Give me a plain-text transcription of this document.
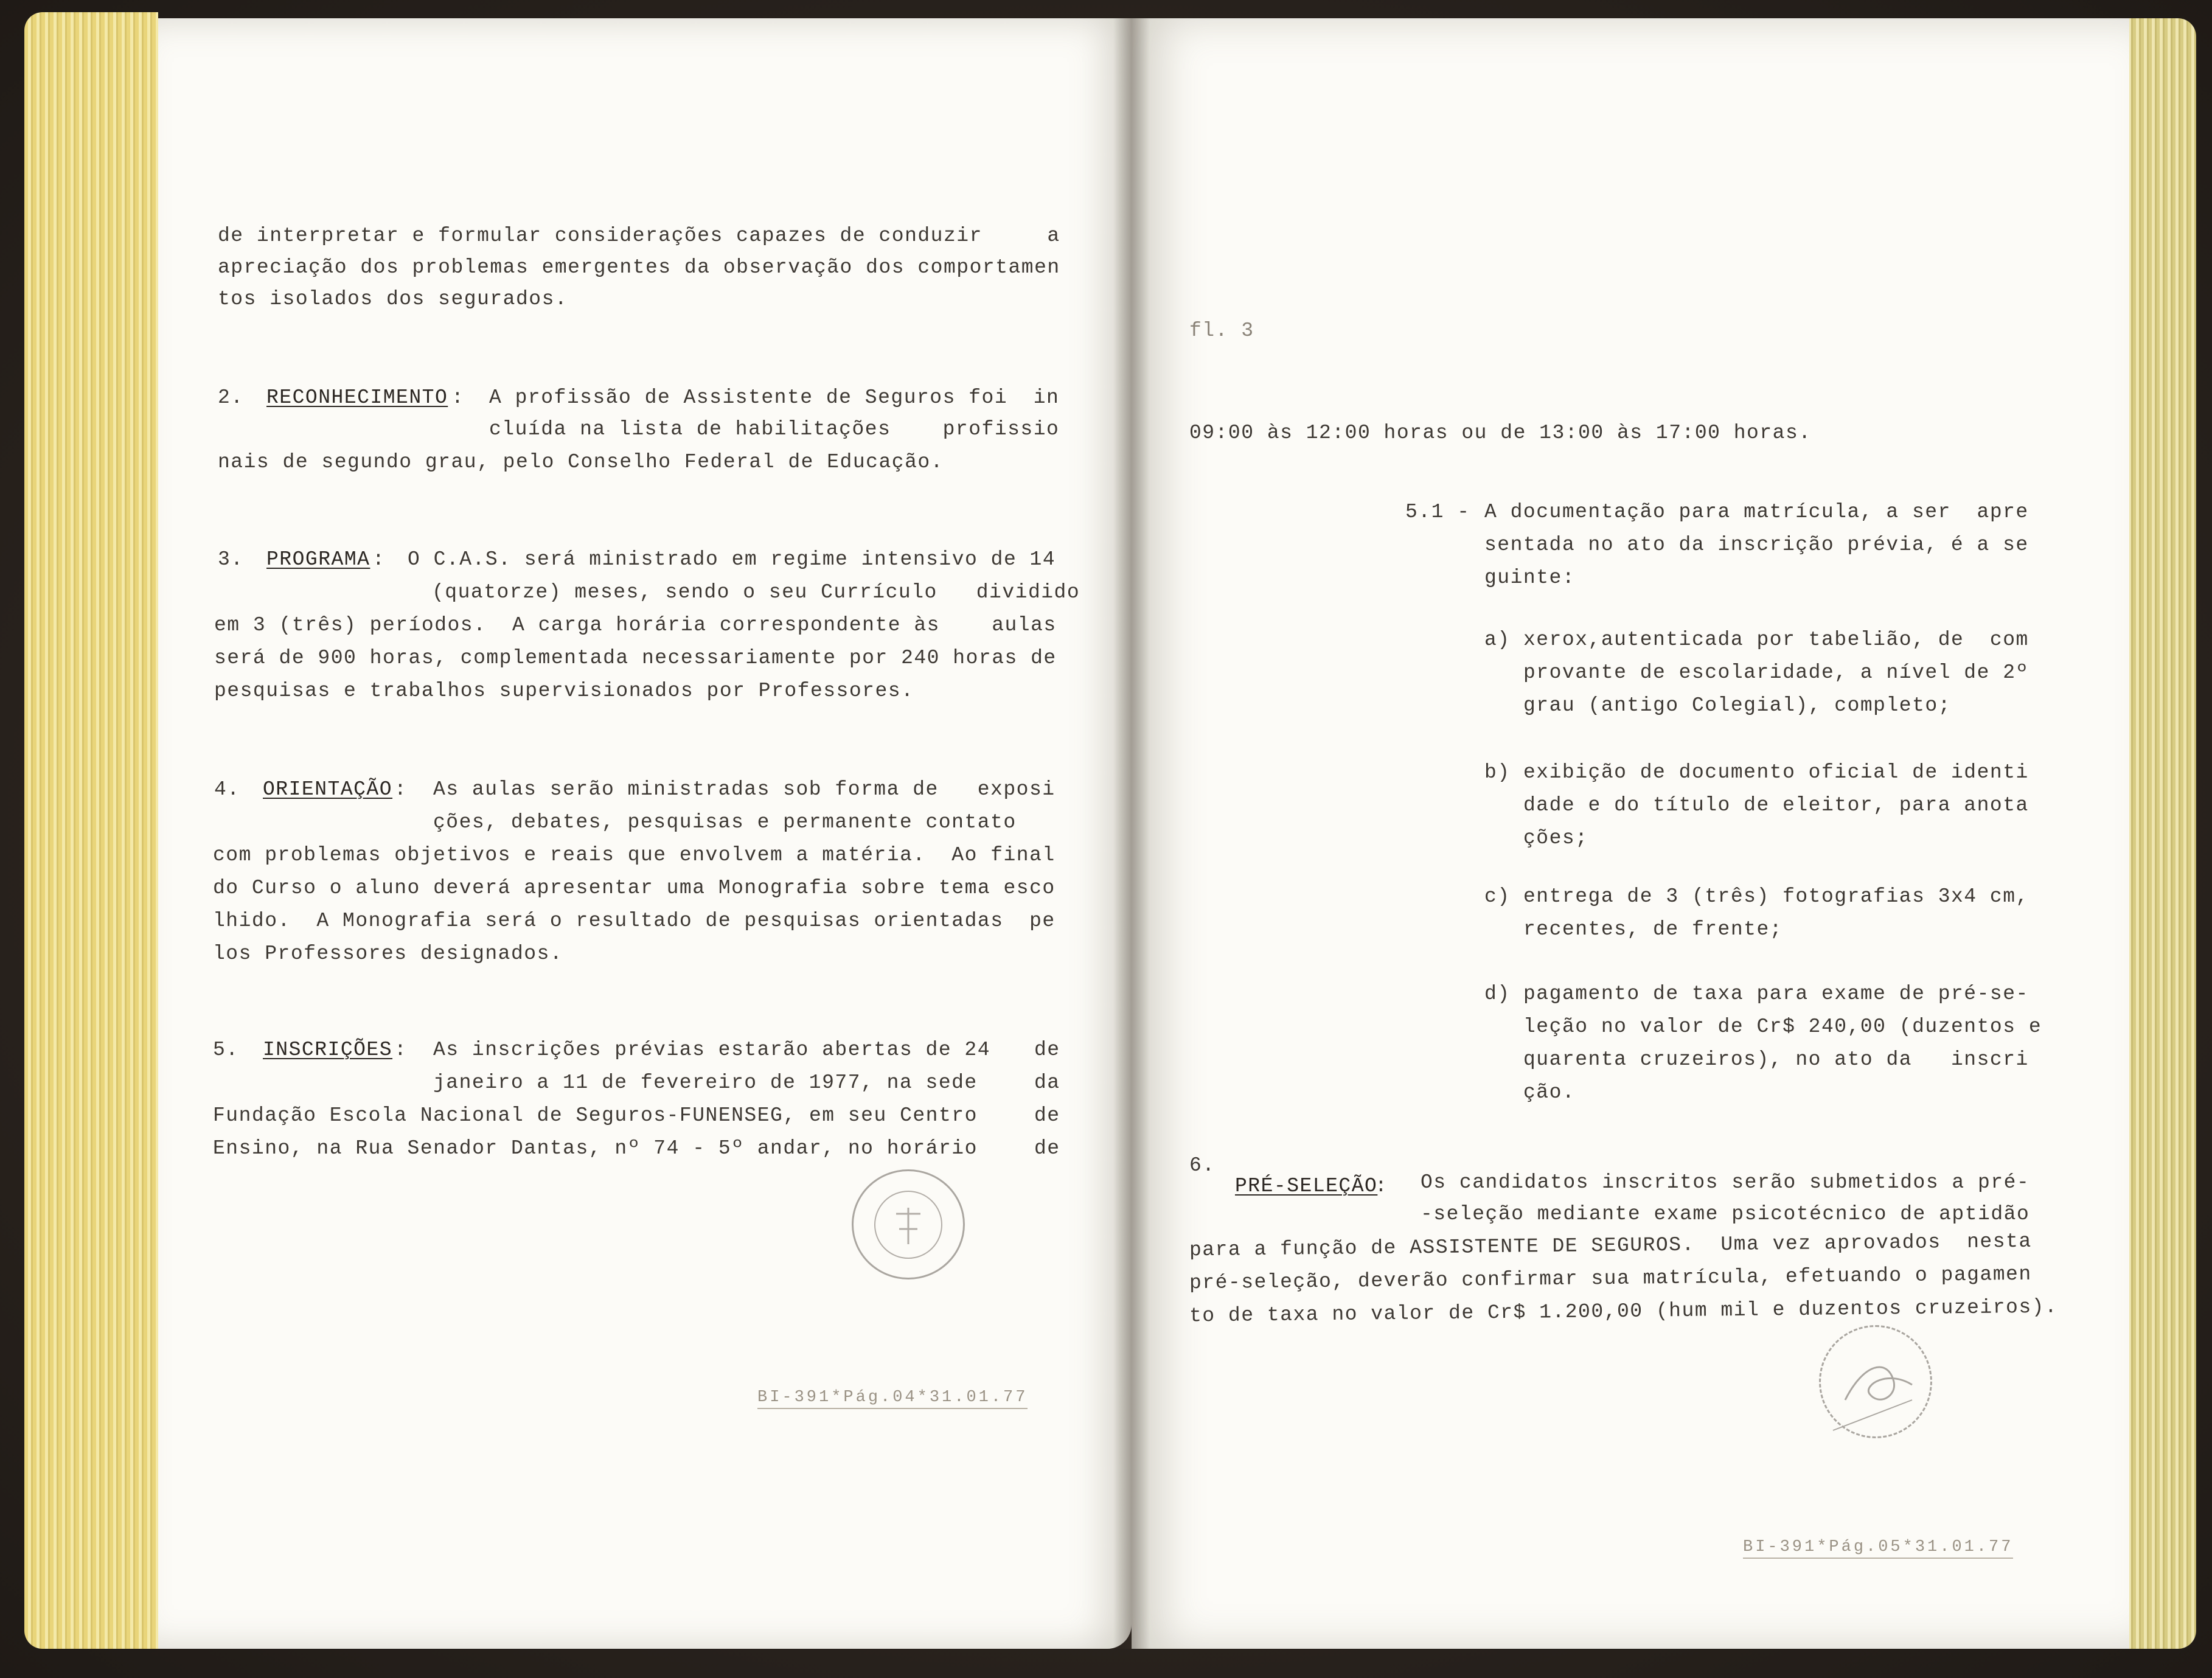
de interpretar e formular considerações capazes de conduzir     a
apreciação dos problemas emergentes da observação dos comportamen
tos isolados dos segurados.
2. RECONHECIMENTO : A profissão de Assistente de Seguros foi  in
cluída na lista de habilitações    profissio
nais de segundo grau, pelo Conselho Federal de Educação.
3. PROGRAMA : O C.A.S. será ministrado em regime intensivo de 14
(quatorze) meses, sendo o seu Currículo   dividido
em 3 (três) períodos.  A carga horária correspondente às    aulas
será de 900 horas, complementada necessariamente por 240 horas de
pesquisas e trabalhos supervisionados por Professores.
4. ORIENTAÇÃO : As aulas serão ministradas sob forma de   exposi
ções, debates, pesquisas e permanente contato
com problemas objetivos e reais que envolvem a matéria.  Ao final
do Curso o aluno deverá apresentar uma Monografia sobre tema esco
lhido.  A Monografia será o resultado de pesquisas orientadas  pe
los Professores designados.
5. INSCRIÇÕES : As inscrições prévias estarão abertas de 24
janeiro a 11 de fevereiro de 1977, na sede
Fundação Escola Nacional de Seguros-FUNENSEG, em seu Centro
Ensino, na Rua Senador Dantas, nº 74 - 5º andar, no horário
de
da
de
de
BI-391*Pág.04*31.01.77
fl. 3
09:00 às 12:00 horas ou de 13:00 às 17:00 horas.
5.1 - A documentação para matrícula, a ser  apre
sentada no ato da inscrição prévia, é a se
guinte:
a) xerox,autenticada por tabelião, de  com
provante de escolaridade, a nível de 2º
grau (antigo Colegial), completo;
b) exibição de documento oficial de identi
dade e do título de eleitor, para anota
ções;
c) entrega de 3 (três) fotografias 3x4 cm,
recentes, de frente;
d) pagamento de taxa para exame de pré-se-
leção no valor de Cr$ 240,00 (duzentos e
quarenta cruzeiros), no ato da   inscri
ção.
6.
PRÉ-SELEÇÃO
: Os candidatos inscritos serão submetidos a pré-
-seleção mediante exame psicotécnico de aptidão
para a função de ASSISTENTE DE SEGUROS.  Uma vez aprovados  nesta
pré-seleção, deverão confirmar sua matrícula, efetuando o pagamen
to de taxa no valor de Cr$ 1.200,00 (hum mil e duzentos cruzeiros).
BI-391*Pág.05*31.01.77
